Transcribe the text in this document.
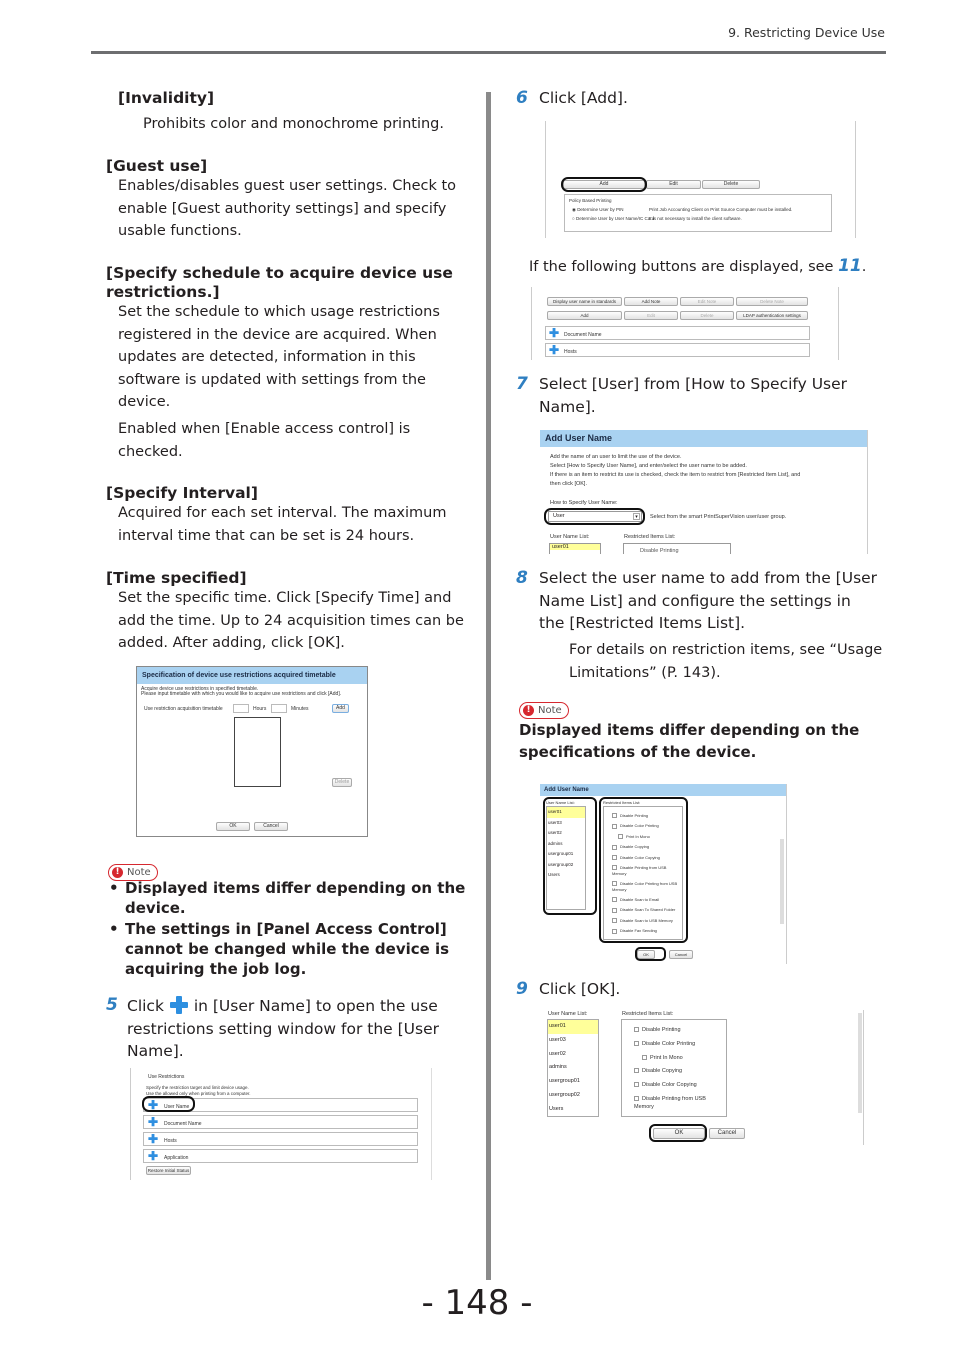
9. Restricting Device Use
[Invalidity]
Prohibits color and monochrome printing.
[Guest use]
Enables/disables guest user settings. Check to
enable [Guest authority settings] and specify
usable functions.
[Specify schedule to acquire device use
restrictions.]
Set the schedule to which usage restrictions
registered in the device are acquired. When
updates are detected, information in this
software is updated with settings from the
device.
Enabled when [Enable access control] is
checked.
[Specify Interval]
Acquired for each set interval. The maximum
interval time that can be set is 24 hours.
[Time specified]
Set the specific time. Click [Specify Time] and
add the time. Up to 24 acquisition times can be
added. After adding, click [OK].
Specification of device use restrictions acquired timetable
Acquire device use restrictions in specified timetable.
Please input timetable with which you would like to acquire use restrictions and click [Add].
Use restriction acquisition timetable	Hours	Minutes	Add
Delete
OK	Cancel
! Note
• Displayed items differ depending on the
device.
• The settings in [Panel Access Control]
cannot be changed while the device is
acquiring the job log.
5 Click in [User Name] to open the use
restrictions setting window for the [User
Name].
Use Restrictions
Specify the restriction target and limit device usage.
Use the allowed only when printing from a computer.
✚ User Name
✚ Document Name
✚ Hosts
✚ Application
Restore Initial Status
6 Click [Add].
Add	Edit	Delete
Policy Based Printing
◉ Determine User by PIN	Print Job Accounting Client on Print Source Computer must be installed.
○ Determine User by User Name/IC Card
It is not necessary to install the client software.
If the following buttons are displayed, see 11.
Display user name in standards	Add Note	Edit Note	Delete Note
Add	Edit	Delete	LDAP authentication settings
✚ Document Name
✚ Hosts
7 Select [User] from [How to Specify User
Name].
Add User Name
Add the name of an user to limit the use of the device.
Select [How to Specify User Name], and enter/select the user name to be added.
If there is an item to restrict its use is checked, check the item to restrict from [Restricted Item List], and
then click [OK].
How to Specify User Name:
User	▾	Select from the smart PrintSuperVision user/user group.
User Name List:	Restricted Items List:
user01
Disable Printing
8 Select the user name to add from the [User
Name List] and configure the settings in
the [Restricted Items List].
For details on restriction items, see “Usage
Limitations” (P. 143).
! Note
Displayed items differ depending on the
specifications of the device.
Add User Name
User Name List:	Restricted Items List:
user01
user03
user02
admins
usergroup01
usergroup02
Users
Disable Printing
Disable Color Printing
Print In Mono
Disable Copying
Disable Color Copying
Disable Printing from USB Memory
Disable Color Printing from USB Memory
Disable Scan to Email
Disable Scan To Shared Folder
Disable Scan to USB Memory
Disable Fax Sending
OK	Cancel
9 Click [OK].
User Name List:	Restricted Items List:
user01
user03
user02
admins
usergroup01
usergroup02
Users
Disable Printing
Disable Color Printing
Print In Mono
Disable Copying
Disable Color Copying
Disable Printing from USB Memory
OK	Cancel
- 148 -
